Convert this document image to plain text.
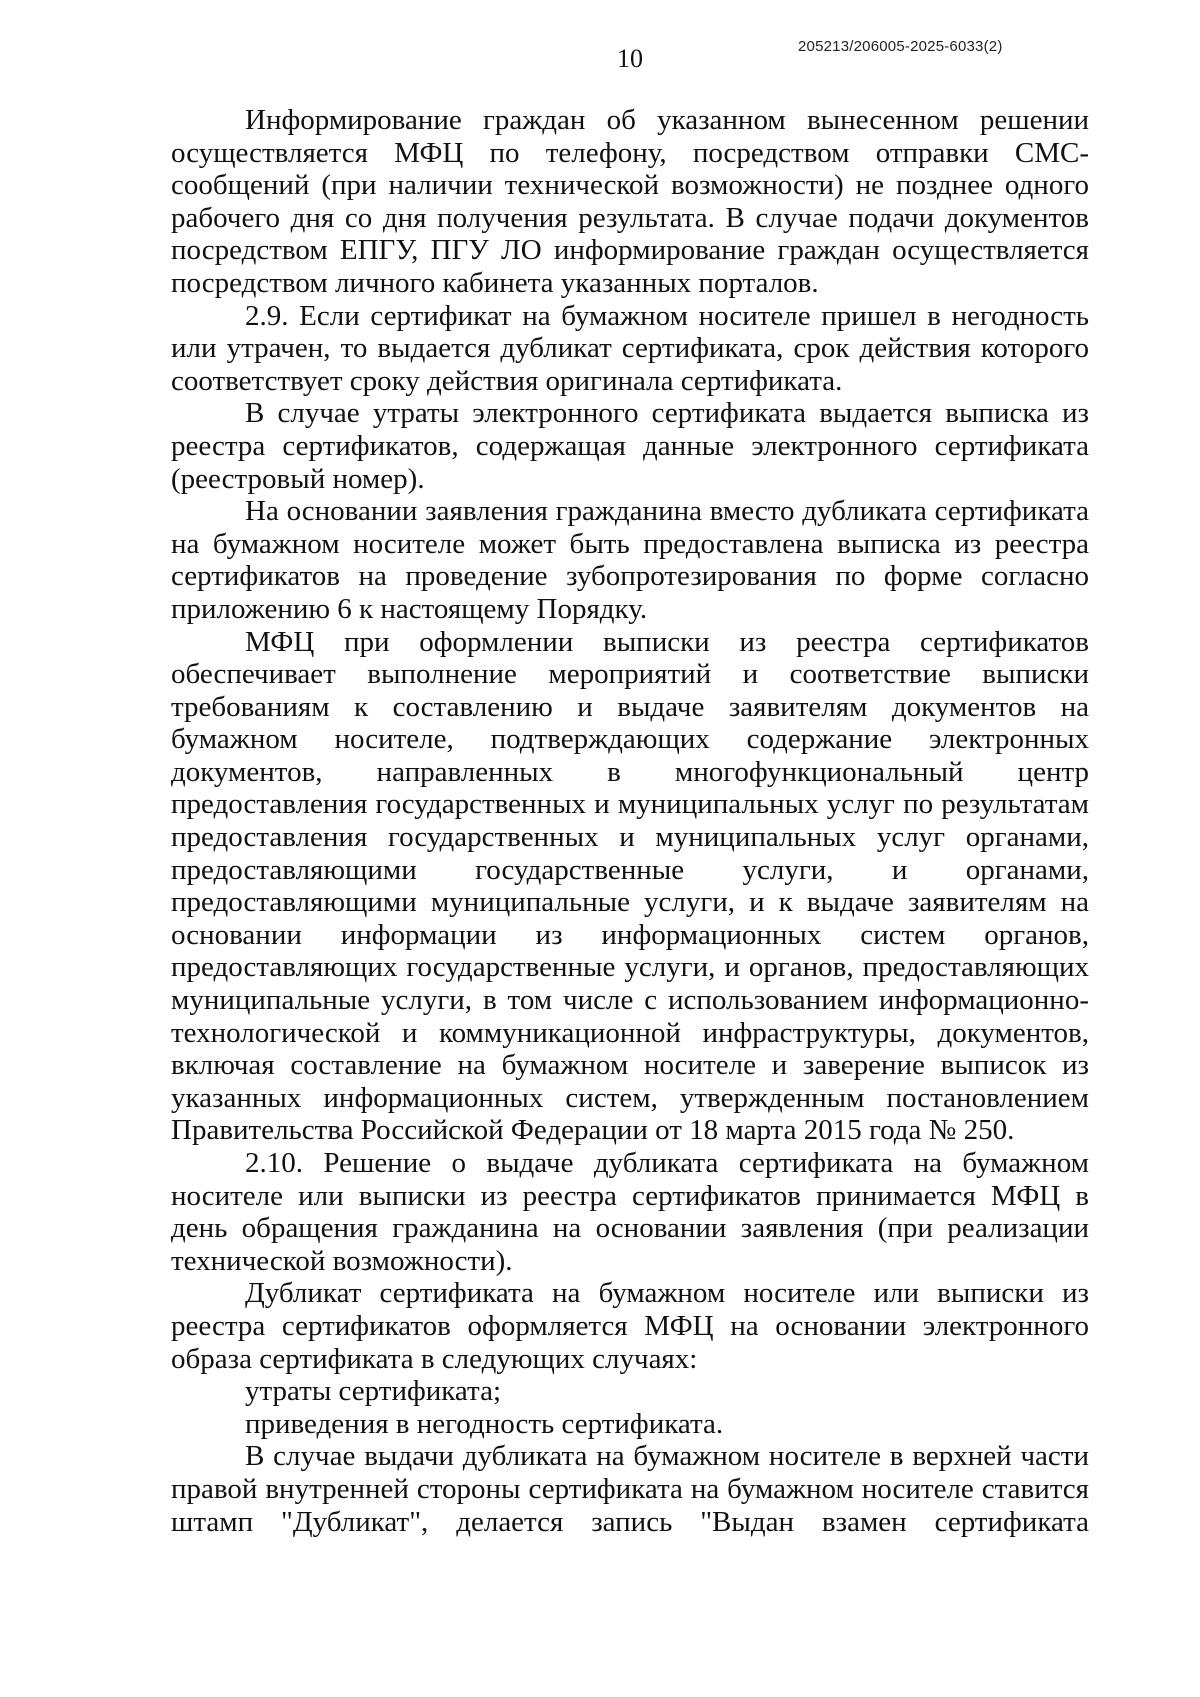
10	205213/206005-2025-6033(2)

Информирование граждан об указанном вынесенном решении осуществляется МФЦ по телефону, посредством отправки СМС-сообщений (при наличии технической возможности) не позднее одного рабочего дня со дня получения результата. В случае подачи документов посредством ЕПГУ, ПГУ ЛО информирование граждан осуществляется посредством личного кабинета указанных порталов.

2.9. Если сертификат на бумажном носителе пришел в негодность или утрачен, то выдается дубликат сертификата, срок действия которого соответствует сроку действия оригинала сертификата.

В случае утраты электронного сертификата выдается выписка из реестра сертификатов, содержащая данные электронного сертификата (реестровый номер).

На основании заявления гражданина вместо дубликата сертификата на бумажном носителе может быть предоставлена выписка из реестра сертификатов на проведение зубопротезирования по форме согласно приложению 6 к настоящему Порядку.

МФЦ при оформлении выписки из реестра сертификатов обеспечивает выполнение мероприятий и соответствие выписки требованиям к составлению и выдаче заявителям документов на бумажном носителе, подтверждающих содержание электронных документов, направленных в многофункциональный центр предоставления государственных и муниципальных услуг по результатам предоставления государственных и муниципальных услуг органами, предоставляющими государственные услуги, и органами, предоставляющими муниципальные услуги, и к выдаче заявителям на основании информации из информационных систем органов, предоставляющих государственные услуги, и органов, предоставляющих муниципальные услуги, в том числе с использованием информационно-технологической и коммуникационной инфраструктуры, документов, включая составление на бумажном носителе и заверение выписок из указанных информационных систем, утвержденным постановлением Правительства Российской Федерации от 18 марта 2015 года № 250.

2.10. Решение о выдаче дубликата сертификата на бумажном носителе или выписки из реестра сертификатов принимается МФЦ в день обращения гражданина на основании заявления (при реализации технической возможности).

Дубликат сертификата на бумажном носителе или выписки из реестра сертификатов оформляется МФЦ на основании электронного образа сертификата в следующих случаях:

утраты сертификата;

приведения в негодность сертификата.

В случае выдачи дубликата на бумажном носителе в верхней части правой внутренней стороны сертификата на бумажном носителе ставится штамп "Дубликат", делается запись "Выдан взамен сертификата
